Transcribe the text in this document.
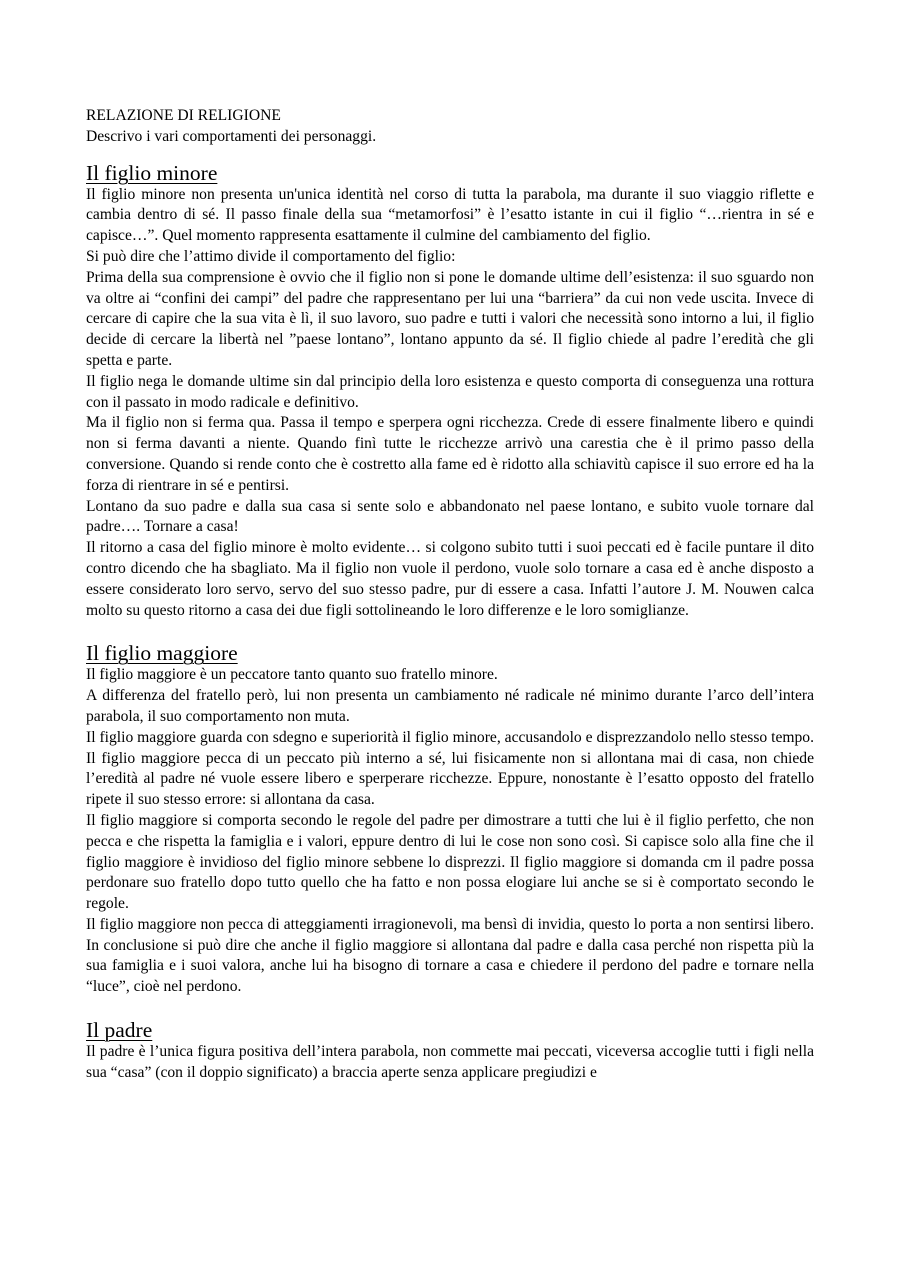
RELAZIONE DI RELIGIONE

Descrivo i vari comportamenti dei personaggi.

Il figlio minore

Il figlio minore non presenta un'unica identità nel corso di tutta la parabola, ma durante il suo viaggio riflette e cambia dentro di sé. Il passo finale della sua “metamorfosi” è l’esatto istante in cui il figlio “…rientra in sé e capisce…”. Quel momento rappresenta esattamente il culmine del cambiamento del figlio.

Si può dire che l’attimo divide il comportamento del figlio:

Prima della sua comprensione è ovvio che il figlio non si pone le domande ultime dell’esistenza: il suo sguardo non va oltre ai “confini dei campi” del padre che rappresentano per lui una “barriera” da cui non vede uscita. Invece di cercare di capire che la sua vita è lì, il suo lavoro, suo padre e tutti i valori che necessità sono intorno a lui, il figlio decide di cercare la libertà nel ”paese lontano”, lontano appunto da sé. Il figlio chiede al padre l’eredità che gli spetta e parte.

Il figlio nega le domande ultime sin dal principio della loro esistenza e questo comporta di conseguenza una rottura con il passato in modo radicale e definitivo.

Ma il figlio non si ferma qua. Passa il tempo e sperpera ogni ricchezza. Crede di essere finalmente libero e quindi non si ferma davanti a niente. Quando finì tutte le ricchezze arrivò una carestia che è il primo passo della conversione. Quando si rende conto che è costretto alla fame ed è ridotto alla schiavitù capisce il suo errore ed ha la forza di rientrare in sé e pentirsi.

Lontano da suo padre e dalla sua casa si sente solo e abbandonato nel paese lontano, e subito vuole tornare dal padre…. Tornare a casa!

Il ritorno a casa del figlio minore è molto evidente… si colgono subito tutti i suoi peccati ed è facile puntare il dito contro dicendo che ha sbagliato. Ma il figlio non vuole il perdono, vuole solo tornare a casa ed è anche disposto a essere considerato loro servo, servo del suo stesso padre, pur di essere a casa. Infatti l’autore J. M. Nouwen calca molto su questo ritorno a casa dei due figli sottolineando le loro differenze e le loro somiglianze.

Il figlio maggiore

Il figlio maggiore è un peccatore tanto quanto suo fratello minore.

A differenza del fratello però, lui non presenta un cambiamento né radicale né minimo durante l’arco dell’intera parabola, il suo comportamento non muta.

Il figlio maggiore guarda con sdegno e superiorità il figlio minore, accusandolo e disprezzandolo nello stesso tempo. Il figlio maggiore pecca di un peccato più interno a sé, lui fisicamente non si allontana mai di casa, non chiede l’eredità al padre né vuole essere libero e sperperare ricchezze. Eppure, nonostante è l’esatto opposto del fratello ripete il suo stesso errore: si allontana da casa.

Il figlio maggiore si comporta secondo le regole del padre per dimostrare a tutti che lui è il figlio perfetto, che non pecca e che rispetta la famiglia e i valori, eppure dentro di lui le cose non sono così. Si capisce solo alla fine che il figlio maggiore è invidioso del figlio minore sebbene lo disprezzi. Il figlio maggiore si domanda cm il padre possa perdonare suo fratello dopo tutto quello che ha fatto e non possa elogiare lui anche se si è comportato secondo le regole.

Il figlio maggiore non pecca di atteggiamenti irragionevoli, ma bensì di invidia, questo lo porta a non sentirsi libero. In conclusione si può dire che anche il figlio maggiore si allontana dal padre e dalla casa perché non rispetta più la sua famiglia e i suoi valora, anche lui ha bisogno di tornare a casa e chiedere il perdono del padre e tornare nella “luce”, cioè nel perdono.

Il padre

Il padre è l’unica figura positiva dell’intera parabola, non commette mai peccati, viceversa accoglie tutti i figli nella sua “casa” (con il doppio significato) a braccia aperte senza applicare pregiudizi e
